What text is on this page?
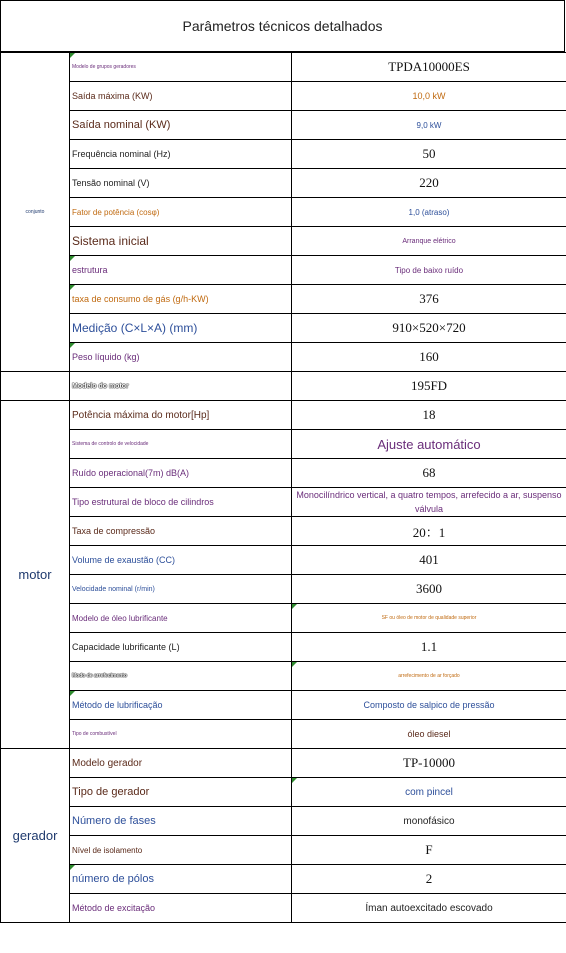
Parâmetros técnicos detalhados
conjunto	Modelo de grupos geradores	TPDA10000ES
	Saída máxima (KW)	10,0 kW
	Saída nominal (KW)	9,0 kW
	Frequência nominal (Hz)	50
	Tensão nominal (V)	220
	Fator de potência (cosφ)	1,0 (atraso)
	Sistema inicial	Arranque elétrico
	estrutura	Tipo de baixo ruído
	taxa de consumo de gás (g/h-KW)	376
	Medição (C×L×A) (mm)	910×520×720
	Peso líquido (kg)	160
	Modelo do motor	195FD
motor	Potência máxima do motor[Hp]	18
	Sistema de controlo de velocidade	Ajuste automático
	Ruído operacional(7m) dB(A)	68
	Tipo estrutural de bloco de cilindros	Monocilíndrico vertical, a quatro tempos, arrefecido a ar, suspenso válvula
	Taxa de compressão	20：1
	Volume de exaustão (CC)	401
	Velocidade nominal (r/min)	3600
	Modelo de óleo lubrificante	SF ou óleo de motor de qualidade superior
	Capacidade lubrificante (L)	1.1
	Modo de arrefecimento	arrefecimento de ar forçado
	Método de lubrificação	Composto de salpico de pressão
	Tipo de combustível	óleo diesel
gerador	Modelo gerador	TP-10000
	Tipo de gerador	com pincel
	Número de fases	monofásico
	Nível de isolamento	F
	número de pólos	2
	Método de excitação	Íman autoexcitado escovado
